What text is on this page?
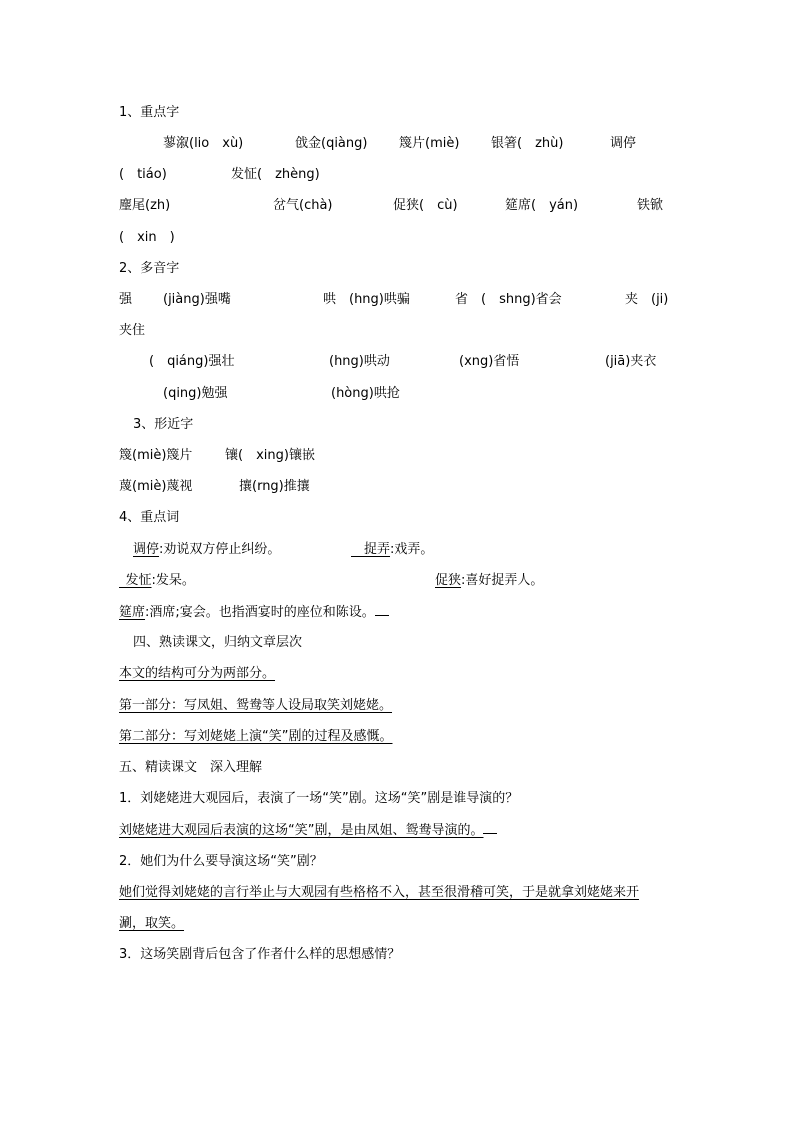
1、重点字
蓼溆(lio　xù)	戗金(qiàng) 篾片(miè) 银箸(　zhù)	调停
(　tiáo)	发怔(　zhèng)
麈尾(zh)	岔气(chà)	促狭(　cù)	筵席(　yán)	铁锨
(　xin　)
2、多音字
强 (jiàng)强嘴	哄　(hng)哄骗	省　(　shng)省会	夹　(ji)
夹住
(　qiáng)强壮	(hng)哄动	(xng)省悟	(jiā)夹衣
(qing)勉强	(hòng)哄抢
3、形近字
篾(miè)篾片	镶(　xing)镶嵌
蔑(miè)蔑视	攘(rng)推攘
4、重点词
调停:劝说双方停止纠纷。
 	捉弄:戏弄。
 发怔:发呆。	促狭:喜好捉弄人。
筵席:酒席;宴会。也指酒宴时的座位和陈设。
四、熟读课文，归纳文章层次
本文的结构可分为两部分。
第一部分：写凤姐、鸳鸯等人设局取笑刘姥姥。
第二部分：写刘姥姥上演“笑”剧的过程及感慨。
五、精读课文　深入理解
1．刘姥姥进大观园后，表演了一场“笑”剧。这场“笑”剧是谁导演的？
刘姥姥进大观园后表演的这场“笑”剧，是由凤姐、鸳鸯导演的。
2．她们为什么要导演这场“笑”剧？
她们觉得刘姥姥的言行举止与大观园有些格格不入，甚至很滑稽可笑，于是就拿刘姥姥来开
涮，取笑。
3．这场笑剧背后包含了作者什么样的思想感情？
